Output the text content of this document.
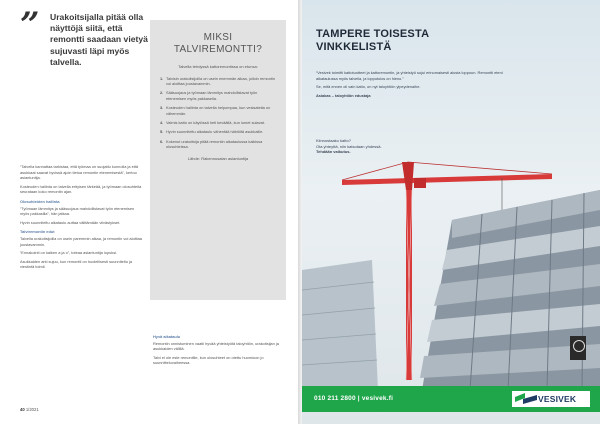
” Urakoitsijalla pitää olla näyttöjä siitä, että remontti saadaan vietyä sujuvasti läpi myös talvella.

“Talvella kannattaa tarkistaa, että työmaa on suojattu kunnolla ja että asukkaat saavat hyvissä ajoin tietoa remontin etenemisestä”, kertoo asiantuntija.

Kosteuden hallinta on talvella erityisen tärkeää, ja työmaan olosuhteita seurataan koko remontin ajan.

Olosuhteiden hallinta

“Työmaan lämmitys ja sääsuojaus mahdollistavat työn etenemisen myös pakkasilla”, hän jatkaa.

Hyvin suunniteltu aikataulu auttaa välttämään viivästykset.

Talviremontin edut

Talvella urakoitsijoilla on usein paremmin aikaa, ja remontin voi aloittaa joustavammin.

“Ennakointi on kaiken a ja o”, toteaa asiantuntija lopuksi.

Asukkaiden arki sujuu, kun remontti on huolellisesti suunniteltu ja viestintä toimii.

MIKSI TALVIREMONTTI?
Talvella tehdyssä kattoremontissa on etunsa:
1. Talvisin urakoitsijoilla on usein enemmän aikaa, jolloin remontin voi aloittaa joustavammin.
2. Sääsuojaus ja työmaan lämmitys mahdollistavat työn etenemisen myös pakkasella.
3. Kosteuden hallinta on talvella helpompaa, kun vesisateita on vähemmän.
4. Valmis katto on käytössä heti keväällä, kun lumet sulavat.
5. Hyvin suunniteltu aikataulu vähentää häiriöitä asukkaille.
6. Kokenut urakoitsija pitää remontin aikataulussa kaikissa olosuhteissa.
Lähde: Rakennusalan asiantuntija

Hyvä aikataulu

Remontin onnistuminen vaatii hyvää yhteistyötä taloyhtiön, urakoitsijan ja asukkaiden välillä.

Talvi ei ole este remontille, kun olosuhteet on otettu huomioon jo suunnitteluvaiheessa.

40 1/2021
TAMPERE TOISESTA
VINKKELISTÄ

“Vesivek toimitti kattotuotteet ja kattoremontin, ja yhteistyö sujui erinomaisesti alusta loppuun. Remontti eteni aikataulussa myös talvella, ja lopputulos on hieno.”

Se, mitä ennen oli vain katto, on nyt taloyhtiön ylpeydenaihe.

Asiakas – taloyhtiön edustaja

Kiinnostaako katto?
Ota yhteyttä, niin katsotaan yhdessä.
Tehdään vaikutus.
010 211 2800 | vesivek.fi	VESIVEK
